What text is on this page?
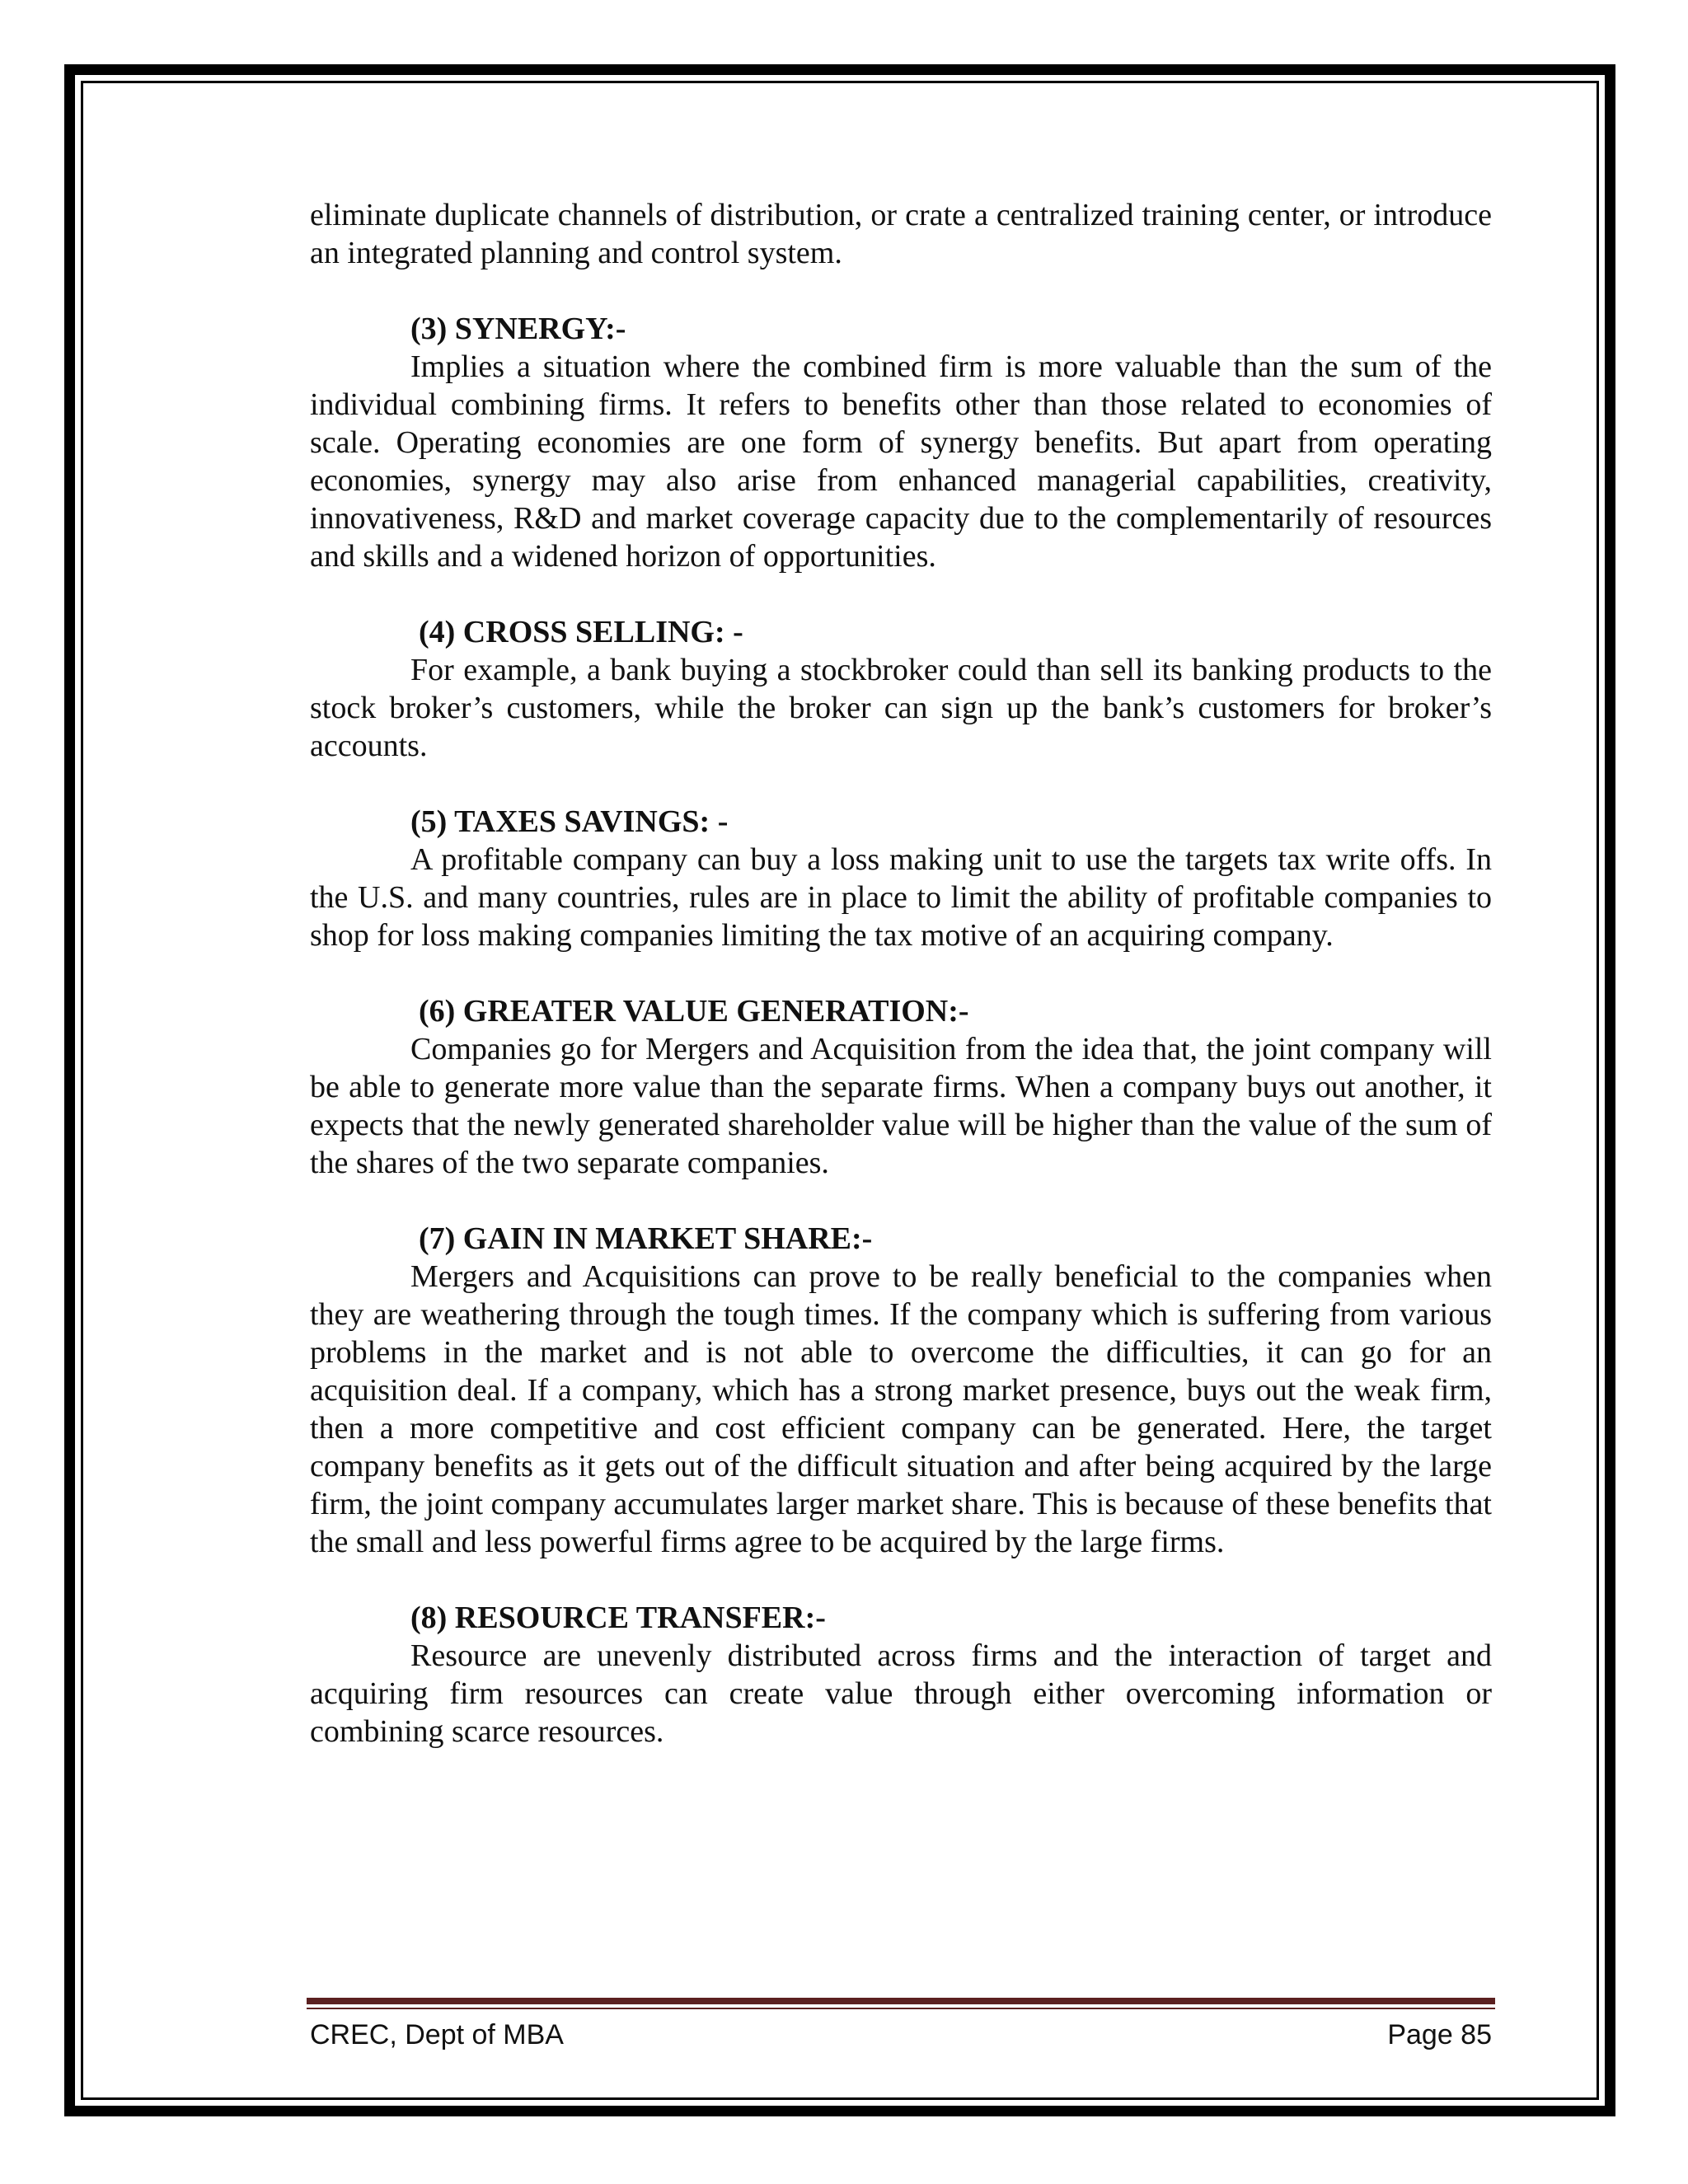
eliminate duplicate channels of distribution, or crate a centralized training center, or introduce an integrated planning and control system.

(3) SYNERGY:-

Implies a situation where the combined firm is more valuable than the sum of the individual combining firms. It refers to benefits other than those related to economies of scale. Operating economies are one form of synergy benefits. But apart from operating economies, synergy may also arise from enhanced managerial capabilities, creativity, innovativeness, R&D and market coverage capacity due to the complementarily of resources and skills and a widened horizon of opportunities.

(4) CROSS SELLING: -

For example, a bank buying a stockbroker could than sell its banking products to the stock broker’s customers, while the broker can sign up the bank’s customers for broker’s accounts.

(5) TAXES SAVINGS: -

A profitable company can buy a loss making unit to use the targets tax write offs. In the U.S. and many countries, rules are in place to limit the ability of profitable companies to shop for loss making companies limiting the tax motive of an acquiring company.

(6) GREATER VALUE GENERATION:-

Companies go for Mergers and Acquisition from the idea that, the joint company will be able to generate more value than the separate firms. When a company buys out another, it expects that the newly generated shareholder value will be higher than the value of the sum of the shares of the two separate companies.

(7) GAIN IN MARKET SHARE:-

Mergers and Acquisitions can prove to be really beneficial to the companies when they are weathering through the tough times. If the company which is suffering from various problems in the market and is not able to overcome the difficulties, it can go for an acquisition deal. If a company, which has a strong market presence, buys out the weak firm, then a more competitive and cost efficient company can be generated. Here, the target company benefits as it gets out of the difficult situation and after being acquired by the large firm, the joint company accumulates larger market share. This is because of these benefits that the small and less powerful firms agree to be acquired by the large firms.

(8) RESOURCE TRANSFER:-

Resource are unevenly distributed across firms and the interaction of target and acquiring firm resources can create value through either overcoming information or combining scarce resources.

CREC, Dept of MBA	Page 85
